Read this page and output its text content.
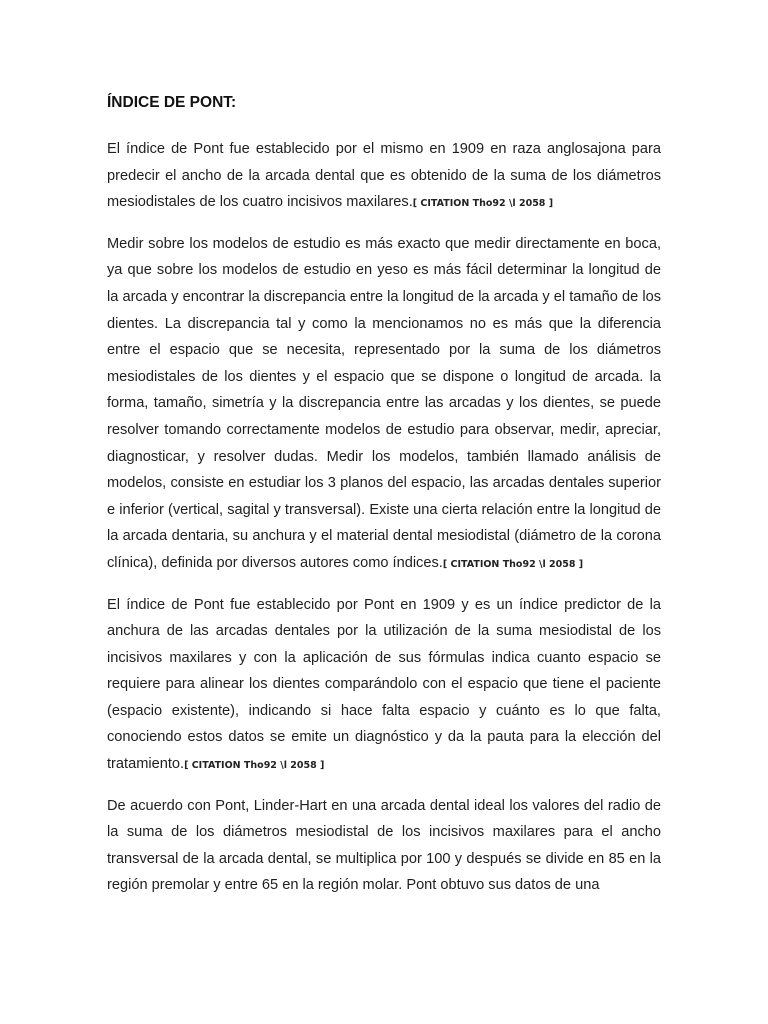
ÍNDICE DE PONT:

El índice de Pont fue establecido por el mismo en 1909 en raza anglosajona para predecir el ancho de la arcada dental que es obtenido de la suma de los diámetros mesiodistales de los cuatro incisivos maxilares.[ CITATION Tho92 \l 2058 ]

Medir sobre los modelos de estudio es más exacto que medir directamente en boca, ya que sobre los modelos de estudio en yeso es más fácil determinar la longitud de la arcada y encontrar la discrepancia entre la longitud de la arcada y el tamaño de los dientes. La discrepancia tal y como la mencionamos no es más que la diferencia entre el espacio que se necesita, representado por la suma de los diámetros mesiodistales de los dientes y el espacio que se dispone o longitud de arcada. la forma, tamaño, simetría y la discrepancia entre las arcadas y los dientes, se puede resolver tomando correctamente modelos de estudio para observar, medir, apreciar, diagnosticar, y resolver dudas. Medir los modelos, también llamado análisis de modelos, consiste en estudiar los 3 planos del espacio, las arcadas dentales superior e inferior (vertical, sagital y transversal). Existe una cierta relación entre la longitud de la arcada dentaria, su anchura y el material dental mesiodistal (diámetro de la corona clínica), definida por diversos autores como índices.[ CITATION Tho92 \l 2058 ]

El índice de Pont fue establecido por Pont en 1909 y es un índice predictor de la anchura de las arcadas dentales por la utilización de la suma mesiodistal de los incisivos maxilares y con la aplicación de sus fórmulas indica cuanto espacio se requiere para alinear los dientes comparándolo con el espacio que tiene el paciente (espacio existente), indicando si hace falta espacio y cuánto es lo que falta, conociendo estos datos se emite un diagnóstico y da la pauta para la elección del tratamiento.[ CITATION Tho92 \l 2058 ]

De acuerdo con Pont, Linder-Hart en una arcada dental ideal los valores del radio de la suma de los diámetros mesiodistal de los incisivos maxilares para el ancho transversal de la arcada dental, se multiplica por 100 y después se divide en 85 en la región premolar y entre 65 en la región molar. Pont obtuvo sus datos de una
